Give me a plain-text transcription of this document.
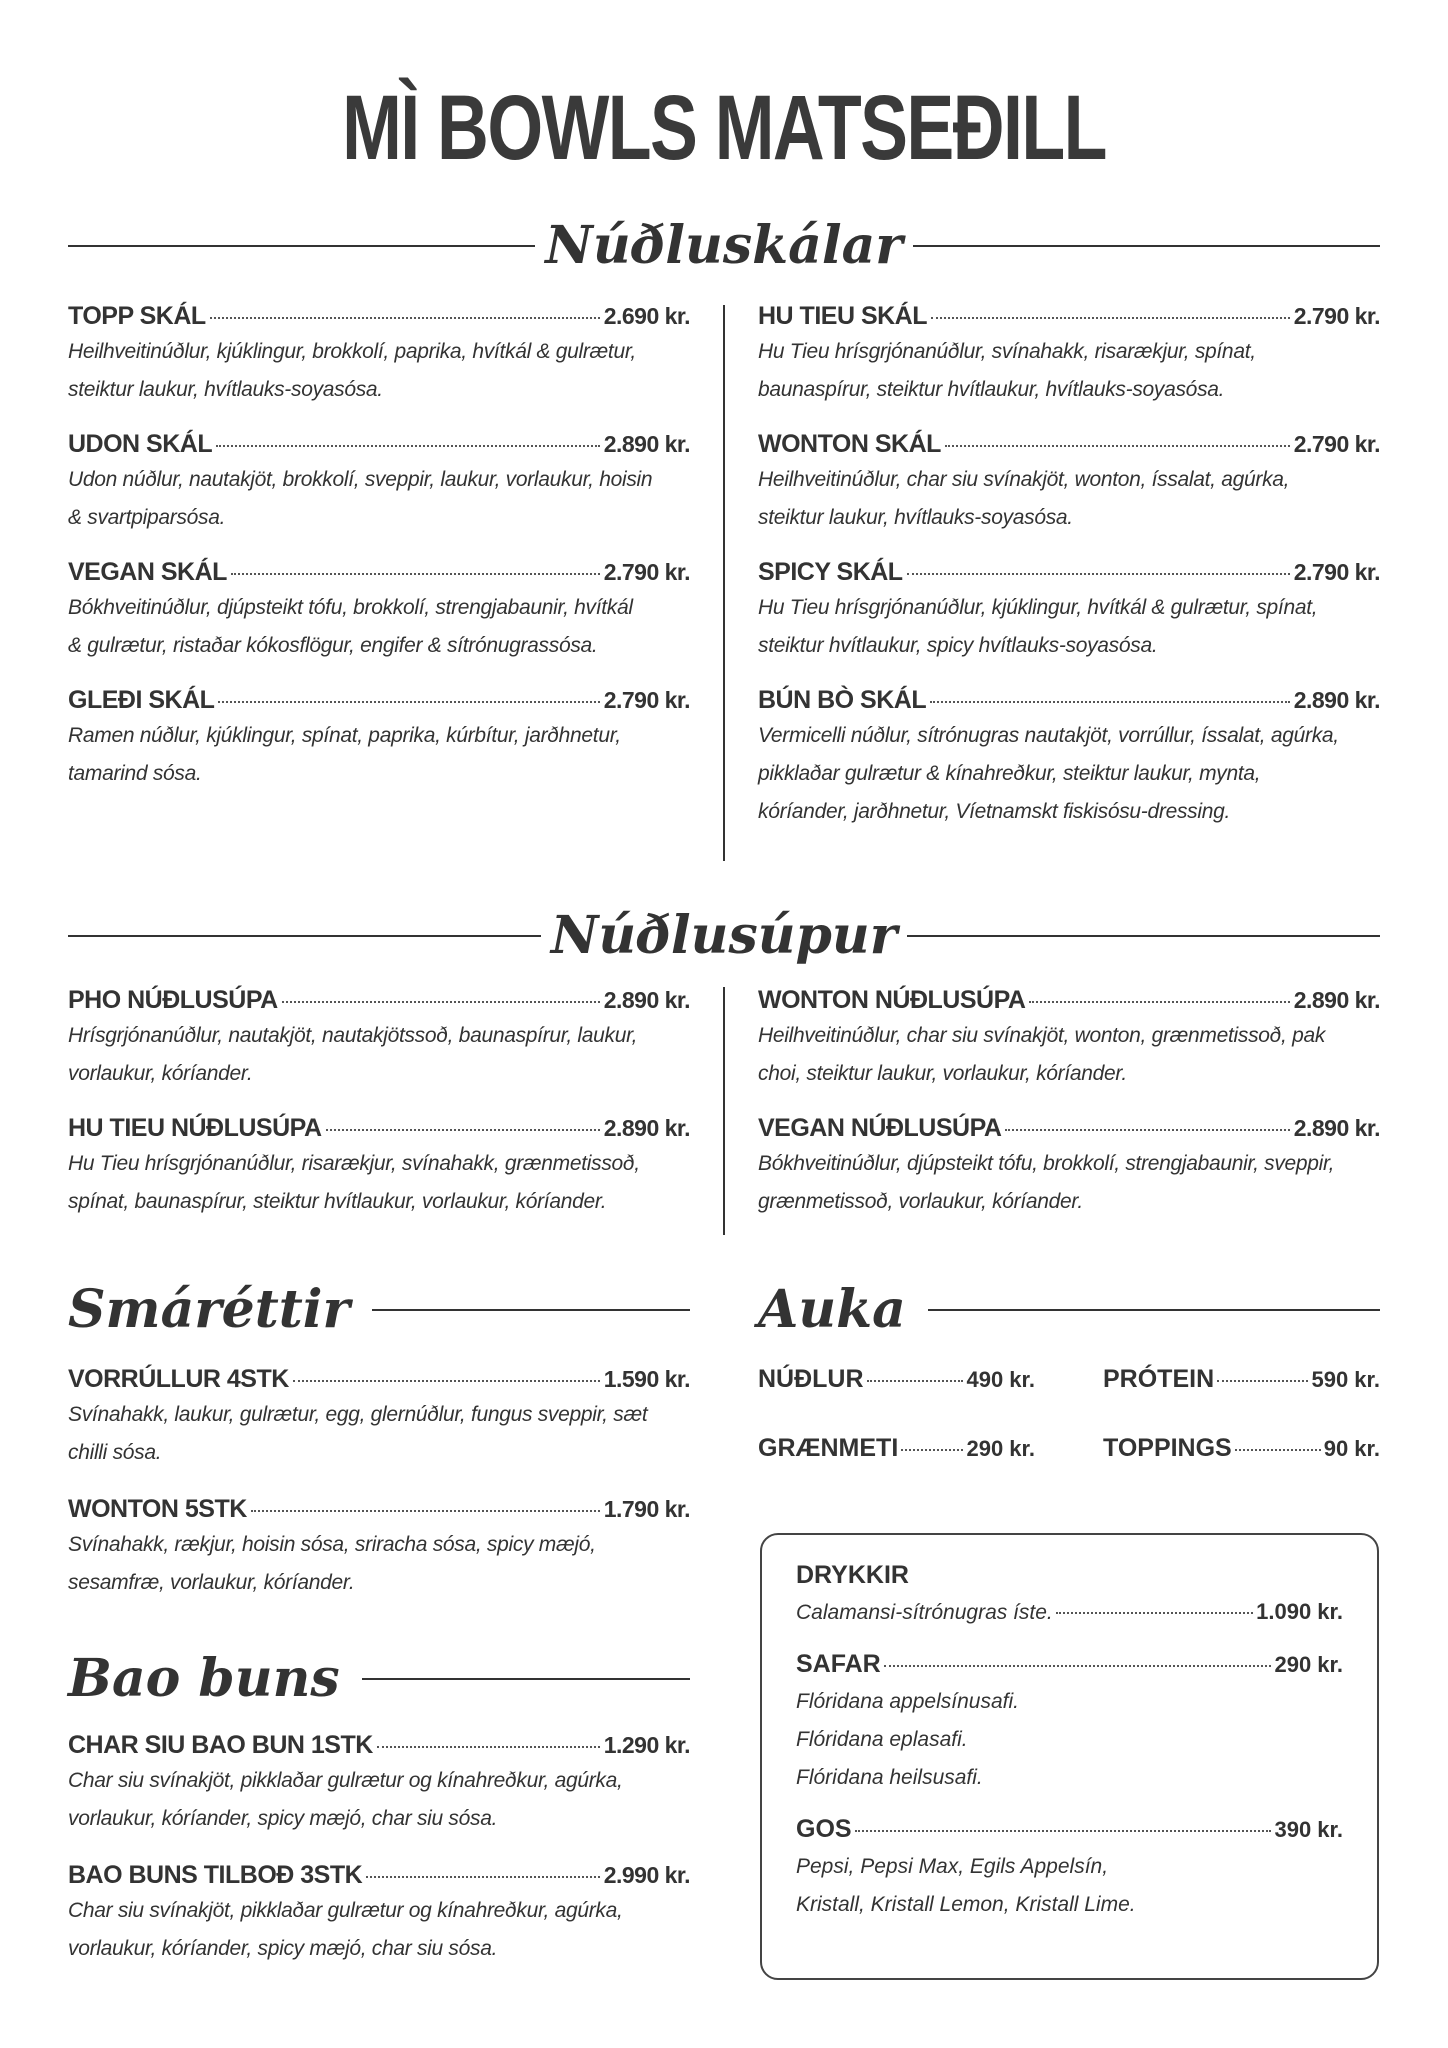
MÌ BOWLS MATSEÐILL
Núðluskálar
TOPP SKÁL	2.690 kr.
Heilhveitinúðlur, kjúklingur, brokkolí, paprika, hvítkál & gulrætur,
steiktur laukur, hvítlauks-soyasósa.
UDON SKÁL	2.890 kr.
Udon núðlur, nautakjöt, brokkolí, sveppir, laukur, vorlaukur, hoisin
& svartpiparsósa.
VEGAN SKÁL	2.790 kr.
Bókhveitinúðlur, djúpsteikt tófu, brokkolí, strengjabaunir, hvítkál
& gulrætur, ristaðar kókosflögur, engifer & sítrónugrassósa.
GLEÐI SKÁL	2.790 kr.
Ramen núðlur, kjúklingur, spínat, paprika, kúrbítur, jarðhnetur,
tamarind sósa.
HU TIEU SKÁL	2.790 kr.
Hu Tieu hrísgrjónanúðlur, svínahakk, risarækjur, spínat,
baunaspírur, steiktur hvítlaukur, hvítlauks-soyasósa.
WONTON SKÁL	2.790 kr.
Heilhveitinúðlur, char siu svínakjöt, wonton, íssalat, agúrka,
steiktur laukur, hvítlauks-soyasósa.
SPICY SKÁL	2.790 kr.
Hu Tieu hrísgrjónanúðlur, kjúklingur, hvítkál & gulrætur, spínat,
steiktur hvítlaukur, spicy hvítlauks-soyasósa.
BÚN BÒ SKÁL	2.890 kr.
Vermicelli núðlur, sítrónugras nautakjöt, vorrúllur, íssalat, agúrka,
pikklaðar gulrætur & kínahreðkur, steiktur laukur, mynta,
kóríander, jarðhnetur, Víetnamskt fiskisósu-dressing.
Núðlusúpur
PHO NÚÐLUSÚPA	2.890 kr.
Hrísgrjónanúðlur, nautakjöt, nautakjötssoð, baunaspírur, laukur,
vorlaukur, kóríander.
HU TIEU NÚÐLUSÚPA	2.890 kr.
Hu Tieu hrísgrjónanúðlur, risarækjur, svínahakk, grænmetissoð,
spínat, baunaspírur, steiktur hvítlaukur, vorlaukur, kóríander.
WONTON NÚÐLUSÚPA	2.890 kr.
Heilhveitinúðlur, char siu svínakjöt, wonton, grænmetissoð, pak
choi, steiktur laukur, vorlaukur, kóríander.
VEGAN NÚÐLUSÚPA	2.890 kr.
Bókhveitinúðlur, djúpsteikt tófu, brokkolí, strengjabaunir, sveppir,
grænmetissoð, vorlaukur, kóríander.
Smáréttir
VORRÚLLUR 4STK	1.590 kr.
Svínahakk, laukur, gulrætur, egg, glernúðlur, fungus sveppir, sæt
chilli sósa.
WONTON 5STK	1.790 kr.
Svínahakk, rækjur, hoisin sósa, sriracha sósa, spicy mæjó,
sesamfræ, vorlaukur, kóríander.
Bao buns
CHAR SIU BAO BUN 1STK	1.290 kr.
Char siu svínakjöt, pikklaðar gulrætur og kínahreðkur, agúrka,
vorlaukur, kóríander, spicy mæjó, char siu sósa.
BAO BUNS TILBOÐ 3STK	2.990 kr.
Char siu svínakjöt, pikklaðar gulrætur og kínahreðkur, agúrka,
vorlaukur, kóríander, spicy mæjó, char siu sósa.
Auka
NÚÐLUR	490 kr.	PRÓTEIN	590 kr.
GRÆNMETI	290 kr.	TOPPINGS	90 kr.
DRYKKIR
Calamansi-sítrónugras íste.	1.090 kr.
SAFAR	290 kr.
Flóridana appelsínusafi.
Flóridana eplasafi.
Flóridana heilsusafi.
GOS	390 kr.
Pepsi, Pepsi Max, Egils Appelsín,
Kristall, Kristall Lemon, Kristall Lime.
